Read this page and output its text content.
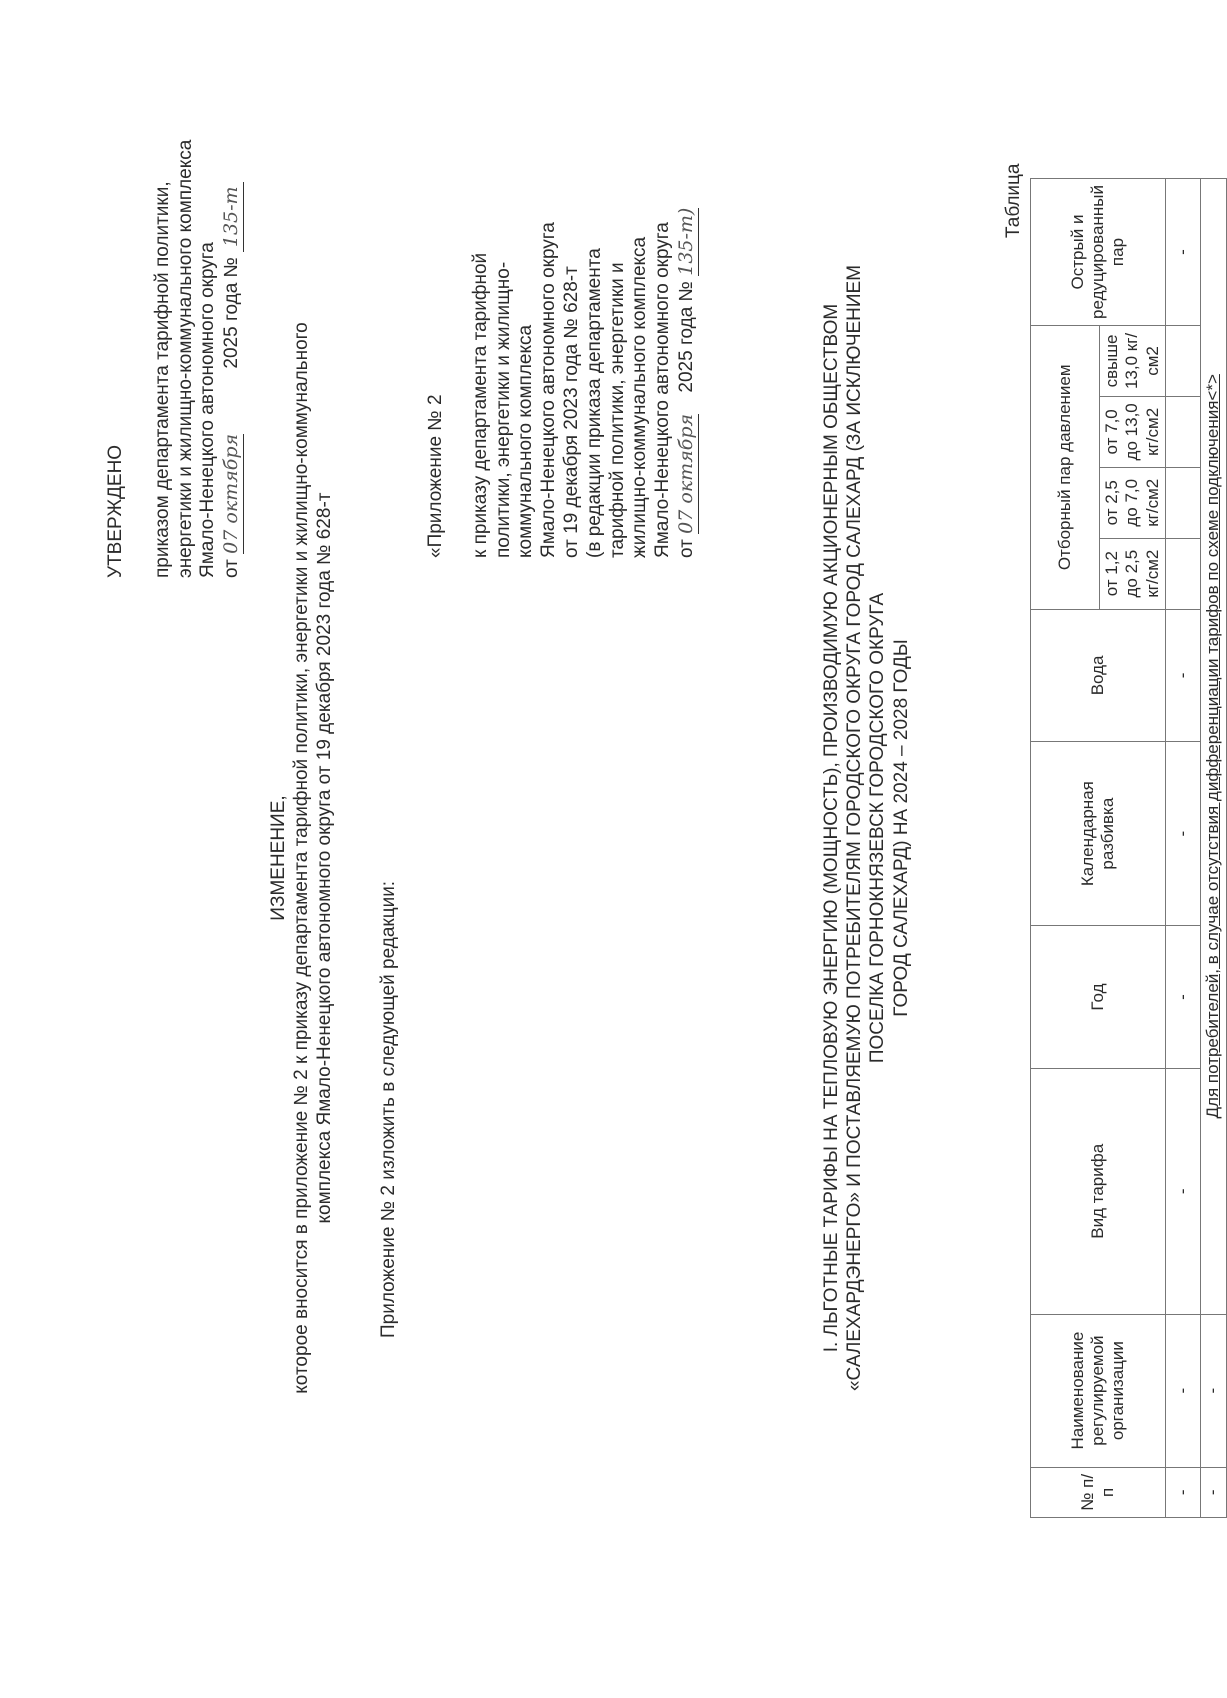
УТВЕРЖДЕНО приказом департамента тарифной политики, энергетики и жилищно-коммунального комплекса Ямало-Ненецкого автономного округа от 07 октября 2025 года № 135-т
ИЗМЕНЕНИЕ, которое вносится в приложение № 2 к приказу департамента тарифной политики, энергетики и жилищно-коммунального комплекса Ямало-Ненецкого автономного округа от 19 декабря 2023 года № 628-т Приложение № 2 изложить в следующей редакции:
«Приложение № 2 к приказу департамента тарифной политики, энергетики и жилищно- коммунального комплекса Ямало-Ненецкого автономного округа от 19 декабря 2023 года № 628-т (в редакции приказа департамента тарифной политики, энергетики и жилищно-коммунального комплекса Ямало-Ненецкого автономного округа от 07 октября 2025 года № 135-т)
I. ЛЬГОТНЫЕ ТАРИФЫ НА ТЕПЛОВУЮ ЭНЕРГИЮ (МОЩНОСТЬ), ПРОИЗВОДИМУЮ АКЦИОНЕРНЫМ ОБЩЕСТВОМ «САЛЕХАРДЭНЕРГО» И ПОСТАВЛЯЕМУЮ ПОТРЕБИТЕЛЯМ ГОРОДСКОГО ОКРУГА ГОРОД САЛЕХАРД (ЗА ИСКЛЮЧЕНИЕМ ПОСЕЛКА ГОРНОКНЯЗЕВСК ГОРОДСКОГО ОКРУГА ГОРОД САЛЕХАРД) НА 2024 – 2028 ГОДЫ
Таблица
№ п/п	Наименование регулируемой организации	Вид тарифа	Год	Календарная разбивка	Вода	Отборный пар давлением				Острый и редуцированный пар
						от 1,2 до 2,5 кг/см2	от 2,5 до 7,0 кг/см2	от 7,0 до 13,0 кг/см2	свыше 13,0 кг/см2	
-	-	-	-	-	-					-
-	-	Для потребителей, в случае отсутствия дифференциации тарифов по схеме подключения<*>								
